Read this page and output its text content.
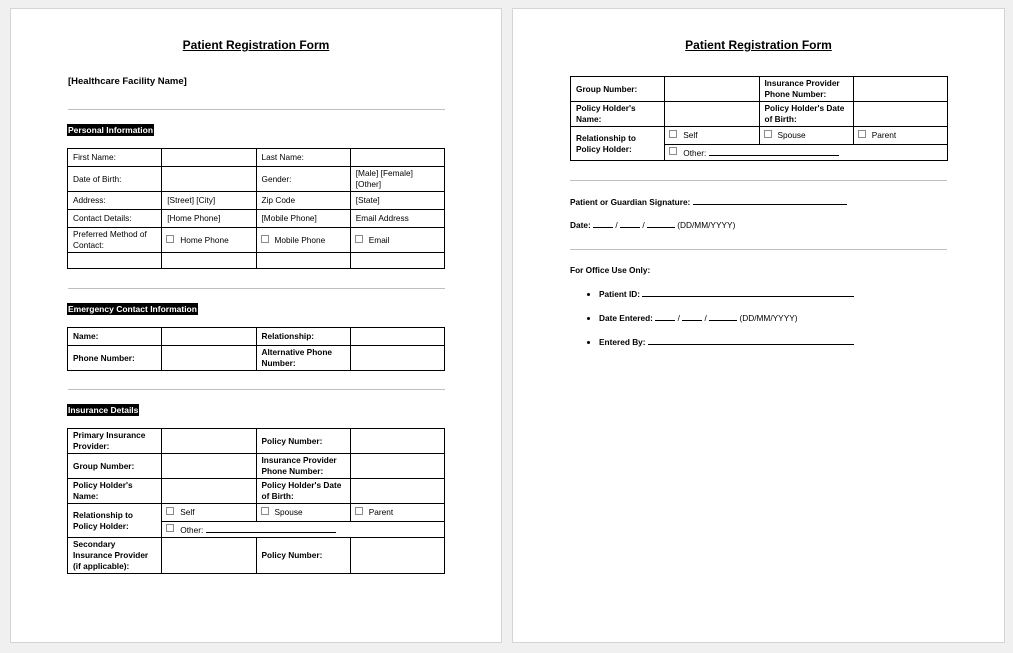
Patient Registration Form
[Healthcare Facility Name]
Personal Information
First Name:		Last Name:	
Date of Birth:		Gender:	[Male] [Female] [Other]
Address:	[Street] [City]	Zip Code	[State]
Contact Details:	[Home Phone]	[Mobile Phone]	Email Address
Preferred Method of Contact:	Home Phone	Mobile Phone	Email

Emergency Contact Information
Name:		Relationship:	
Phone Number:		Alternative Phone Number:	
Insurance Details
Primary Insurance Provider:		Policy Number:	
Group Number:		Insurance Provider Phone Number:	
Policy Holder's Name:		Policy Holder's Date of Birth:	
Relationship to Policy Holder:	Self	Spouse	Parent
	Other:		
Secondary Insurance Provider (if applicable):		Policy Number:	
Patient Registration Form
Group Number:		Insurance Provider Phone Number:	
Policy Holder's Name:		Policy Holder's Date of Birth:	
Relationship to Policy Holder:	Self	Spouse	Parent
	Other:		
Patient or Guardian Signature:
Date:	/	/	(DD/MM/YYYY)
For Office Use Only:
• Patient ID:
• Date Entered:	/	/	(DD/MM/YYYY)
• Entered By:
